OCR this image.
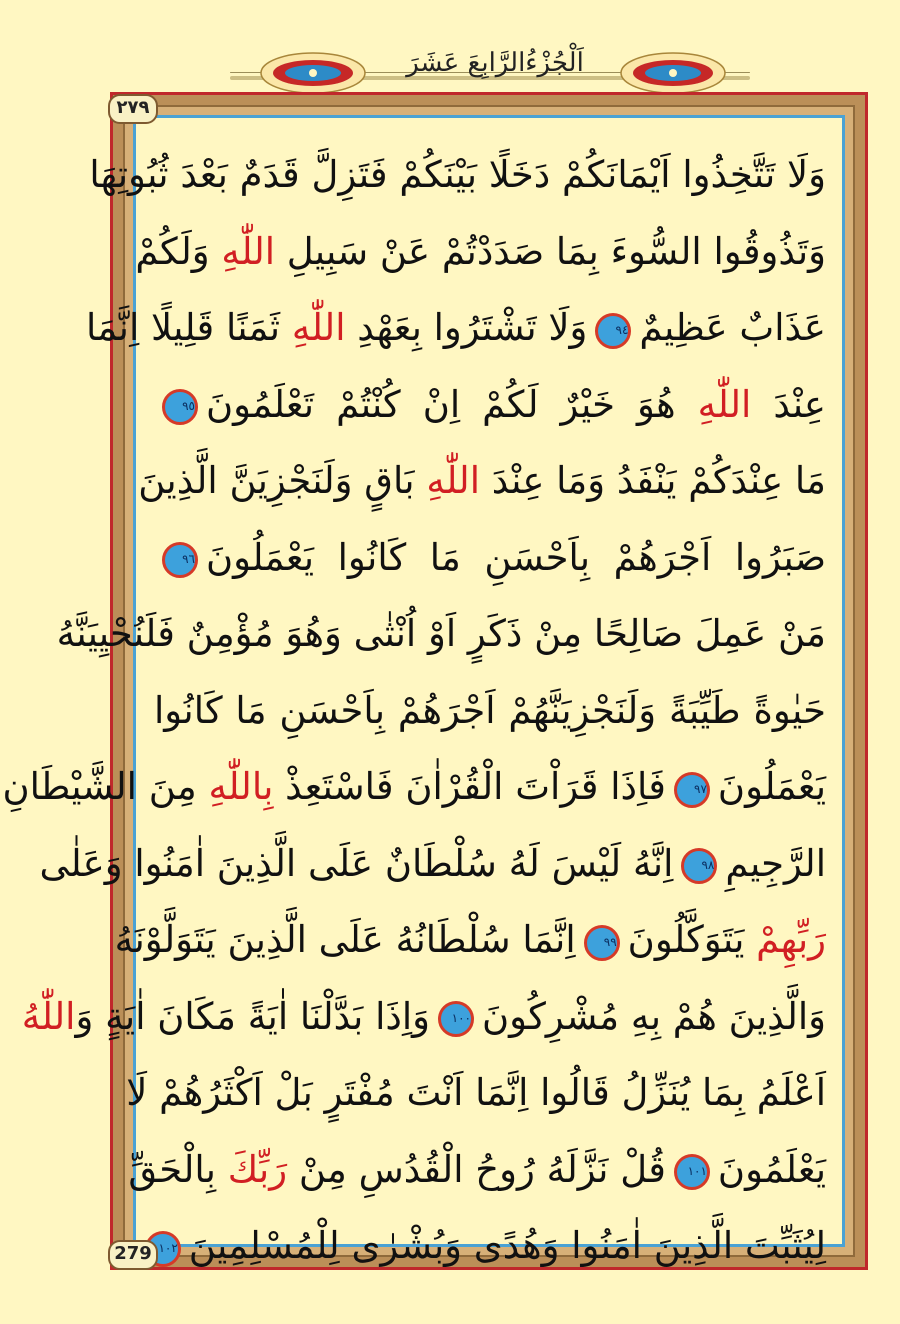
اَلْجُزْءُالرَّابِعَ عَشَرَ
وَلَا تَتَّخِذُوا اَيْمَانَكُمْ دَخَلًا بَيْنَكُمْ فَتَزِلَّ قَدَمٌ بَعْدَ ثُبُوتِهَا
وَتَذُوقُوا السُّوءَ بِمَا صَدَدْتُمْ عَنْ سَبِيلِ اللّٰهِ وَلَكُمْ
عَذَابٌ عَظِيمٌ٩٤وَلَا تَشْتَرُوا بِعَهْدِ اللّٰهِ ثَمَنًا قَلِيلًا اِنَّمَا
عِنْدَ اللّٰهِ هُوَ خَيْرٌ لَكُمْ اِنْ كُنْتُمْ تَعْلَمُونَ٩٥
مَا عِنْدَكُمْ يَنْفَدُ وَمَا عِنْدَ اللّٰهِ بَاقٍ وَلَنَجْزِيَنَّ الَّذِينَ
صَبَرُوا اَجْرَهُمْ بِاَحْسَنِ مَا كَانُوا يَعْمَلُونَ٩٦
مَنْ عَمِلَ صَالِحًا مِنْ ذَكَرٍ اَوْ اُنْثٰى وَهُوَ مُؤْمِنٌ فَلَنُحْيِيَنَّهُ
حَيٰوةً طَيِّبَةً وَلَنَجْزِيَنَّهُمْ اَجْرَهُمْ بِاَحْسَنِ مَا كَانُوا
يَعْمَلُونَ٩٧فَاِذَا قَرَاْتَ الْقُرْاٰنَ فَاسْتَعِذْ بِاللّٰهِ مِنَ الشَّيْطَانِ
الرَّجِيمِ٩٨اِنَّهُ لَيْسَ لَهُ سُلْطَانٌ عَلَى الَّذِينَ اٰمَنُوا وَعَلٰى
رَبِّهِمْ يَتَوَكَّلُونَ٩٩اِنَّمَا سُلْطَانُهُ عَلَى الَّذِينَ يَتَوَلَّوْنَهُ
وَالَّذِينَ هُمْ بِهِ مُشْرِكُونَ١٠٠وَاِذَا بَدَّلْنَا اٰيَةً مَكَانَ اٰيَةٍ وَاللّٰهُ
اَعْلَمُ بِمَا يُنَزِّلُ قَالُوا اِنَّمَا اَنْتَ مُفْتَرٍ بَلْ اَكْثَرُهُمْ لَا
يَعْلَمُونَ١٠١قُلْ نَزَّلَهُ رُوحُ الْقُدُسِ مِنْ رَبِّكَ بِالْحَقِّ
لِيُثَبِّتَ الَّذِينَ اٰمَنُوا وَهُدًى وَبُشْرٰى لِلْمُسْلِمِينَ١٠٢
٢٧٩
279
